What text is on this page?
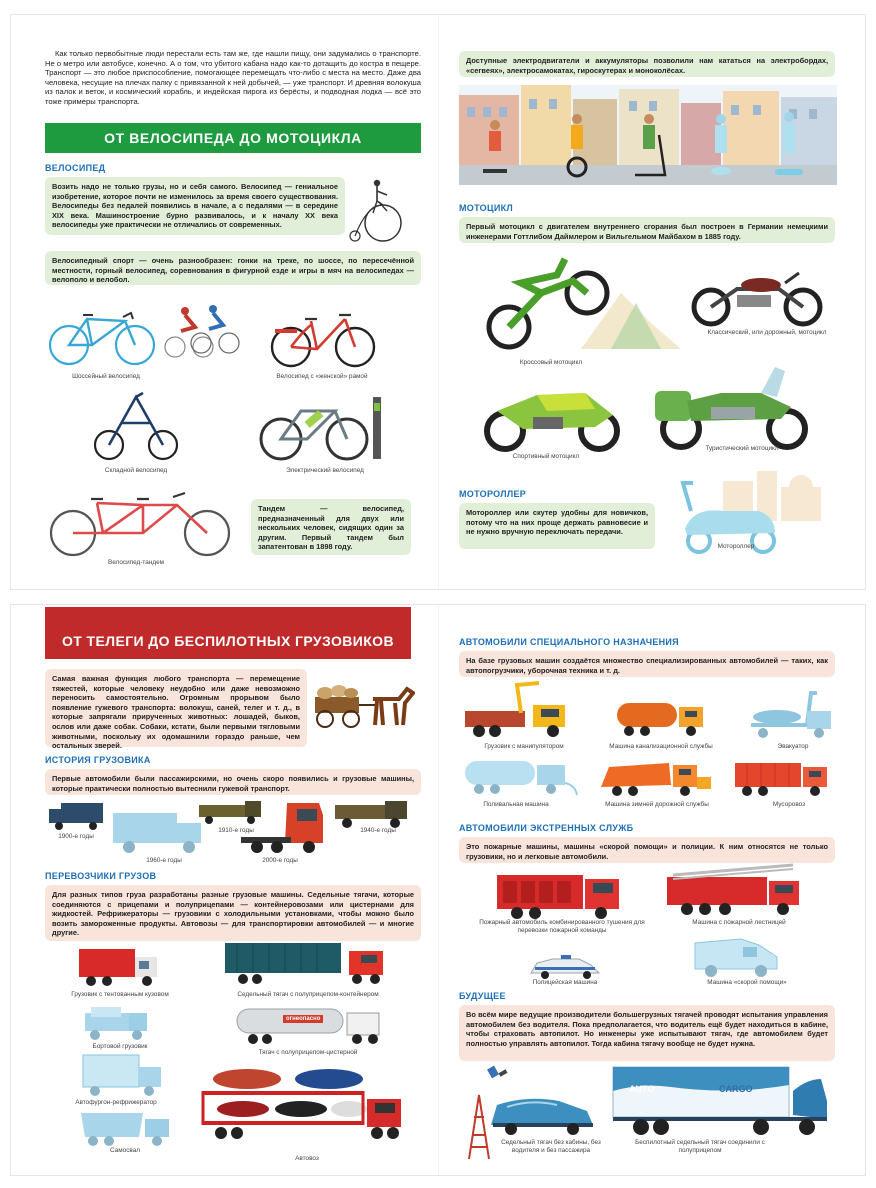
Как только первобытные люди перестали есть там же, где нашли пищу, они задумались о транспорте. Не о метро или автобусе, конечно. А о том, что убитого кабана надо как-то дотащить до костра в пещере. Транспорт — это любое приспособление, помогающее перемещать что-либо с места на место. Даже два человека, несущие на плечах палку с привязанной к ней добычей, — уже транспорт. И древняя волокуша из палок и веток, и космический корабль, и индейская пирога из берёсты, и подводная лодка — всё это тоже примеры транспорта.

ОТ ВЕЛОСИПЕДА ДО МОТОЦИКЛА
ВЕЛОСИПЕД
Возить надо не только грузы, но и себя самого. Велосипед — гениальное изобретение, которое почти не изменилось за время своего существования. Велосипеды без педалей появились в начале, а с педалями — в середине XIX века. Машиностроение бурно развивалось, и к началу XX века велосипеды уже практически не отличались от современных.
Велосипедный спорт — очень разнообразен: гонки на треке, по шоссе, по пересечённой местности, горный велосипед, соревнования в фигурной езде и игры в мяч на велосипедах — велополо и велобол.
Шоссейный велосипед	Велосипед с «женской» рамой
Складной велосипед	Электрический велосипед
Велосипед-тандем
Тандем — велосипед, предназначенный для двух или нескольких человек, сидящих один за другим. Первый тандем был запатентован в 1898 году.
Доступные электродвигатели и аккумуляторы позволили нам кататься на электробордах, «сегвеях», электросамокатах, гироскутерах и моноколёсах.
МОТОЦИКЛ
Первый мотоцикл с двигателем внутреннего сгорания был построен в Германии немецкими инженерами Готтлибом Даймлером и Вильгельмом Майбахом в 1885 году.
Кроссовый мотоцикл
Классический, или дорожный, мотоцикл
Спортивный мотоцикл
Туристический мотоцикл
МОТОРОЛЛЕР
Мотороллер или скутер удобны для новичков, потому что на них проще держать равновесие и не нужно вручную переключать передачи.
Мотороллер
ОТ ТЕЛЕГИ ДО БЕСПИЛОТНЫХ ГРУЗОВИКОВ
Самая важная функция любого транспорта — перемещение тяжестей, которые человеку неудобно или даже невозможно переносить самостоятельно. Огромным прорывом было появление гужевого транспорта: волокуш, саней, телег и т. д., в которые запрягали прирученных животных: лошадей, быков, ослов или даже собак. Собаки, кстати, были первыми тягловыми животными, поскольку их одомашнили гораздо раньше, чем остальных зверей.
ИСТОРИЯ ГРУЗОВИКА
Первые автомобили были пассажирскими, но очень скоро появились и грузовые машины, которые практически полностью вытеснили гужевой транспорт.
1900-е годы
1960-е годы
1910-е годы
2000-е годы
1940-е годы
ПЕРЕВОЗЧИКИ ГРУЗОВ
Для разных типов груза разработаны разные грузовые машины. Седельные тягачи, которые соединяются с прицепами и полуприцепами — контейнеровозами или цистернами для жидкостей. Рефрижераторы — грузовики с холодильными установками, чтобы можно было возить замороженные продукты. Автовозы — для транспортировки автомобилей — и многие другие.
Грузовик с тентованным кузовом	Седельный тягач с полуприцепом-контейнером
Бортовой грузовик
огнеопасно
Тягач с полуприцепом-цистерной
Автофургон-рефрижератор
Самосвал
Автовоз
АВТОМОБИЛИ СПЕЦИАЛЬНОГО НАЗНАЧЕНИЯ
На базе грузовых машин создаётся множество специализированных автомобилей — таких, как автопогрузчики, уборочная техника и т. д.
Грузовик с манипулятором	Машина канализационной службы	Эвакуатор
Поливальная машина	Машина зимней дорожной службы	Мусоровоз
АВТОМОБИЛИ ЭКСТРЕННЫХ СЛУЖБ
Это пожарные машины, машины «скорой помощи» и полиции. К ним относятся не только грузовики, но и легковые автомобили.
Пожарный автомобиль комбинированного тушения для перевозки пожарной команды
Машина с пожарной лестницей
Полицейская машина	Машина «скорой помощи»
БУДУЩЕЕ
Во всём мире ведущие производители большегрузных тягачей проводят испытания управления автомобилем без водителя. Пока предполагается, что водитель ещё будет находиться в кабине, чтобы страховать автопилот. Но инженеры уже испытывают тягач, где автомобилем будет полностью управлять автопилот. Тогда кабина тягачу вообще не будет нужна.
Седельный тягач без кабины, без водителя и без пассажира
AUTO	CARGO
Беспилотный седельный тягач соединили с полуприцепом
